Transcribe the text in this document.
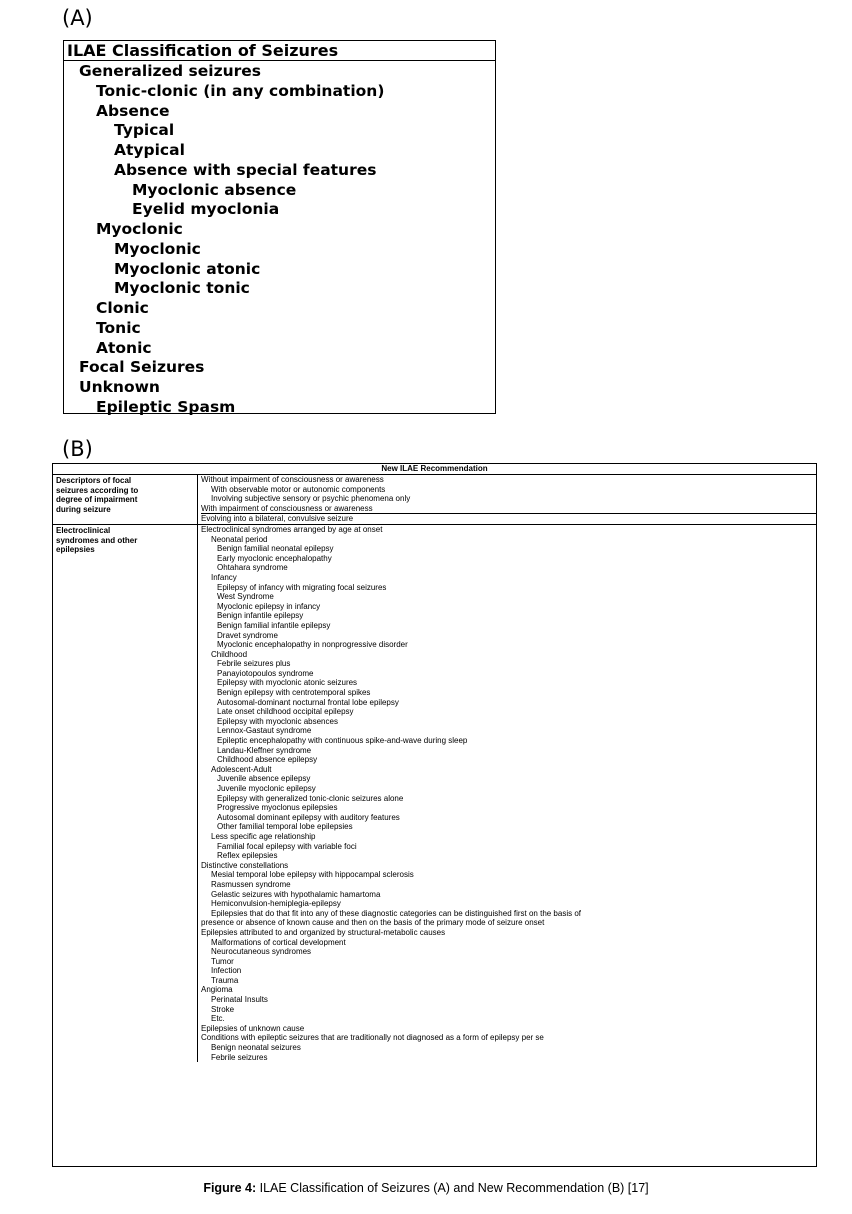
(A)
ILAE Classification of Seizures
Generalized seizures
Tonic-clonic (in any combination)
Absence
Typical
Atypical
Absence with special features
Myoclonic absence
Eyelid myoclonia
Myoclonic
Myoclonic
Myoclonic atonic
Myoclonic tonic
Clonic
Tonic
Atonic
Focal Seizures
Unknown
Epileptic Spasm
(B)
New ILAE Recommendation
Descriptors of focal
seizures according to
degree of impairment
during seizure
Without impairment of consciousness or awareness
With observable motor or autonomic components
Involving subjective sensory or psychic phenomena only
With impairment of consciousness or awareness
Evolving into a bilateral, convulsive seizure
Electroclinical
syndromes and other
epilepsies
Electroclinical syndromes arranged by age at onset
Neonatal period
Benign familial neonatal epilepsy
Early myoclonic encephalopathy
Ohtahara syndrome
Infancy
Epilepsy of infancy with migrating focal seizures
West Syndrome
Myoclonic epilepsy in infancy
Benign infantile epilepsy
Benign familial infantile epilepsy
Dravet syndrome
Myoclonic encephalopathy in nonprogressive disorder
Childhood
Febrile seizures plus
Panayiotopoulos syndrome
Epilepsy with myoclonic atonic seizures
Benign epilepsy with centrotemporal spikes
Autosomal-dominant nocturnal frontal lobe epilepsy
Late onset childhood occipital epilepsy
Epilepsy with myoclonic absences
Lennox-Gastaut syndrome
Epileptic encephalopathy with continuous spike-and-wave during sleep
Landau-Kleffner syndrome
Childhood absence epilepsy
Adolescent-Adult
Juvenile absence epilepsy
Juvenile myoclonic epilepsy
Epilepsy with generalized tonic-clonic seizures alone
Progressive myoclonus epilepsies
Autosomal dominant epilepsy with auditory features
Other familial temporal lobe epilepsies
Less specific age relationship
Familial focal epilepsy with variable foci
Reflex epilepsies
Distinctive constellations
Mesial temporal lobe epilepsy with hippocampal sclerosis
Rasmussen syndrome
Gelastic seizures with hypothalamic hamartoma
Hemiconvulsion-hemiplegia-epilepsy
Epilepsies that do that fit into any of these diagnostic categories can be distinguished first on the basis of
presence or absence of known cause and then on the basis of the primary mode of seizure onset
Epilepsies attributed to and organized by structural-metabolic causes
Malformations of cortical development
Neurocutaneous syndromes
Tumor
Infection
Trauma
Angioma
Perinatal Insults
Stroke
Etc.
Epilepsies of unknown cause
Conditions with epileptic seizures that are traditionally not diagnosed as a form of epilepsy per se
Benign neonatal seizures
Febrile seizures
Figure 4: ILAE Classification of Seizures (A) and New Recommendation (B) [17]
